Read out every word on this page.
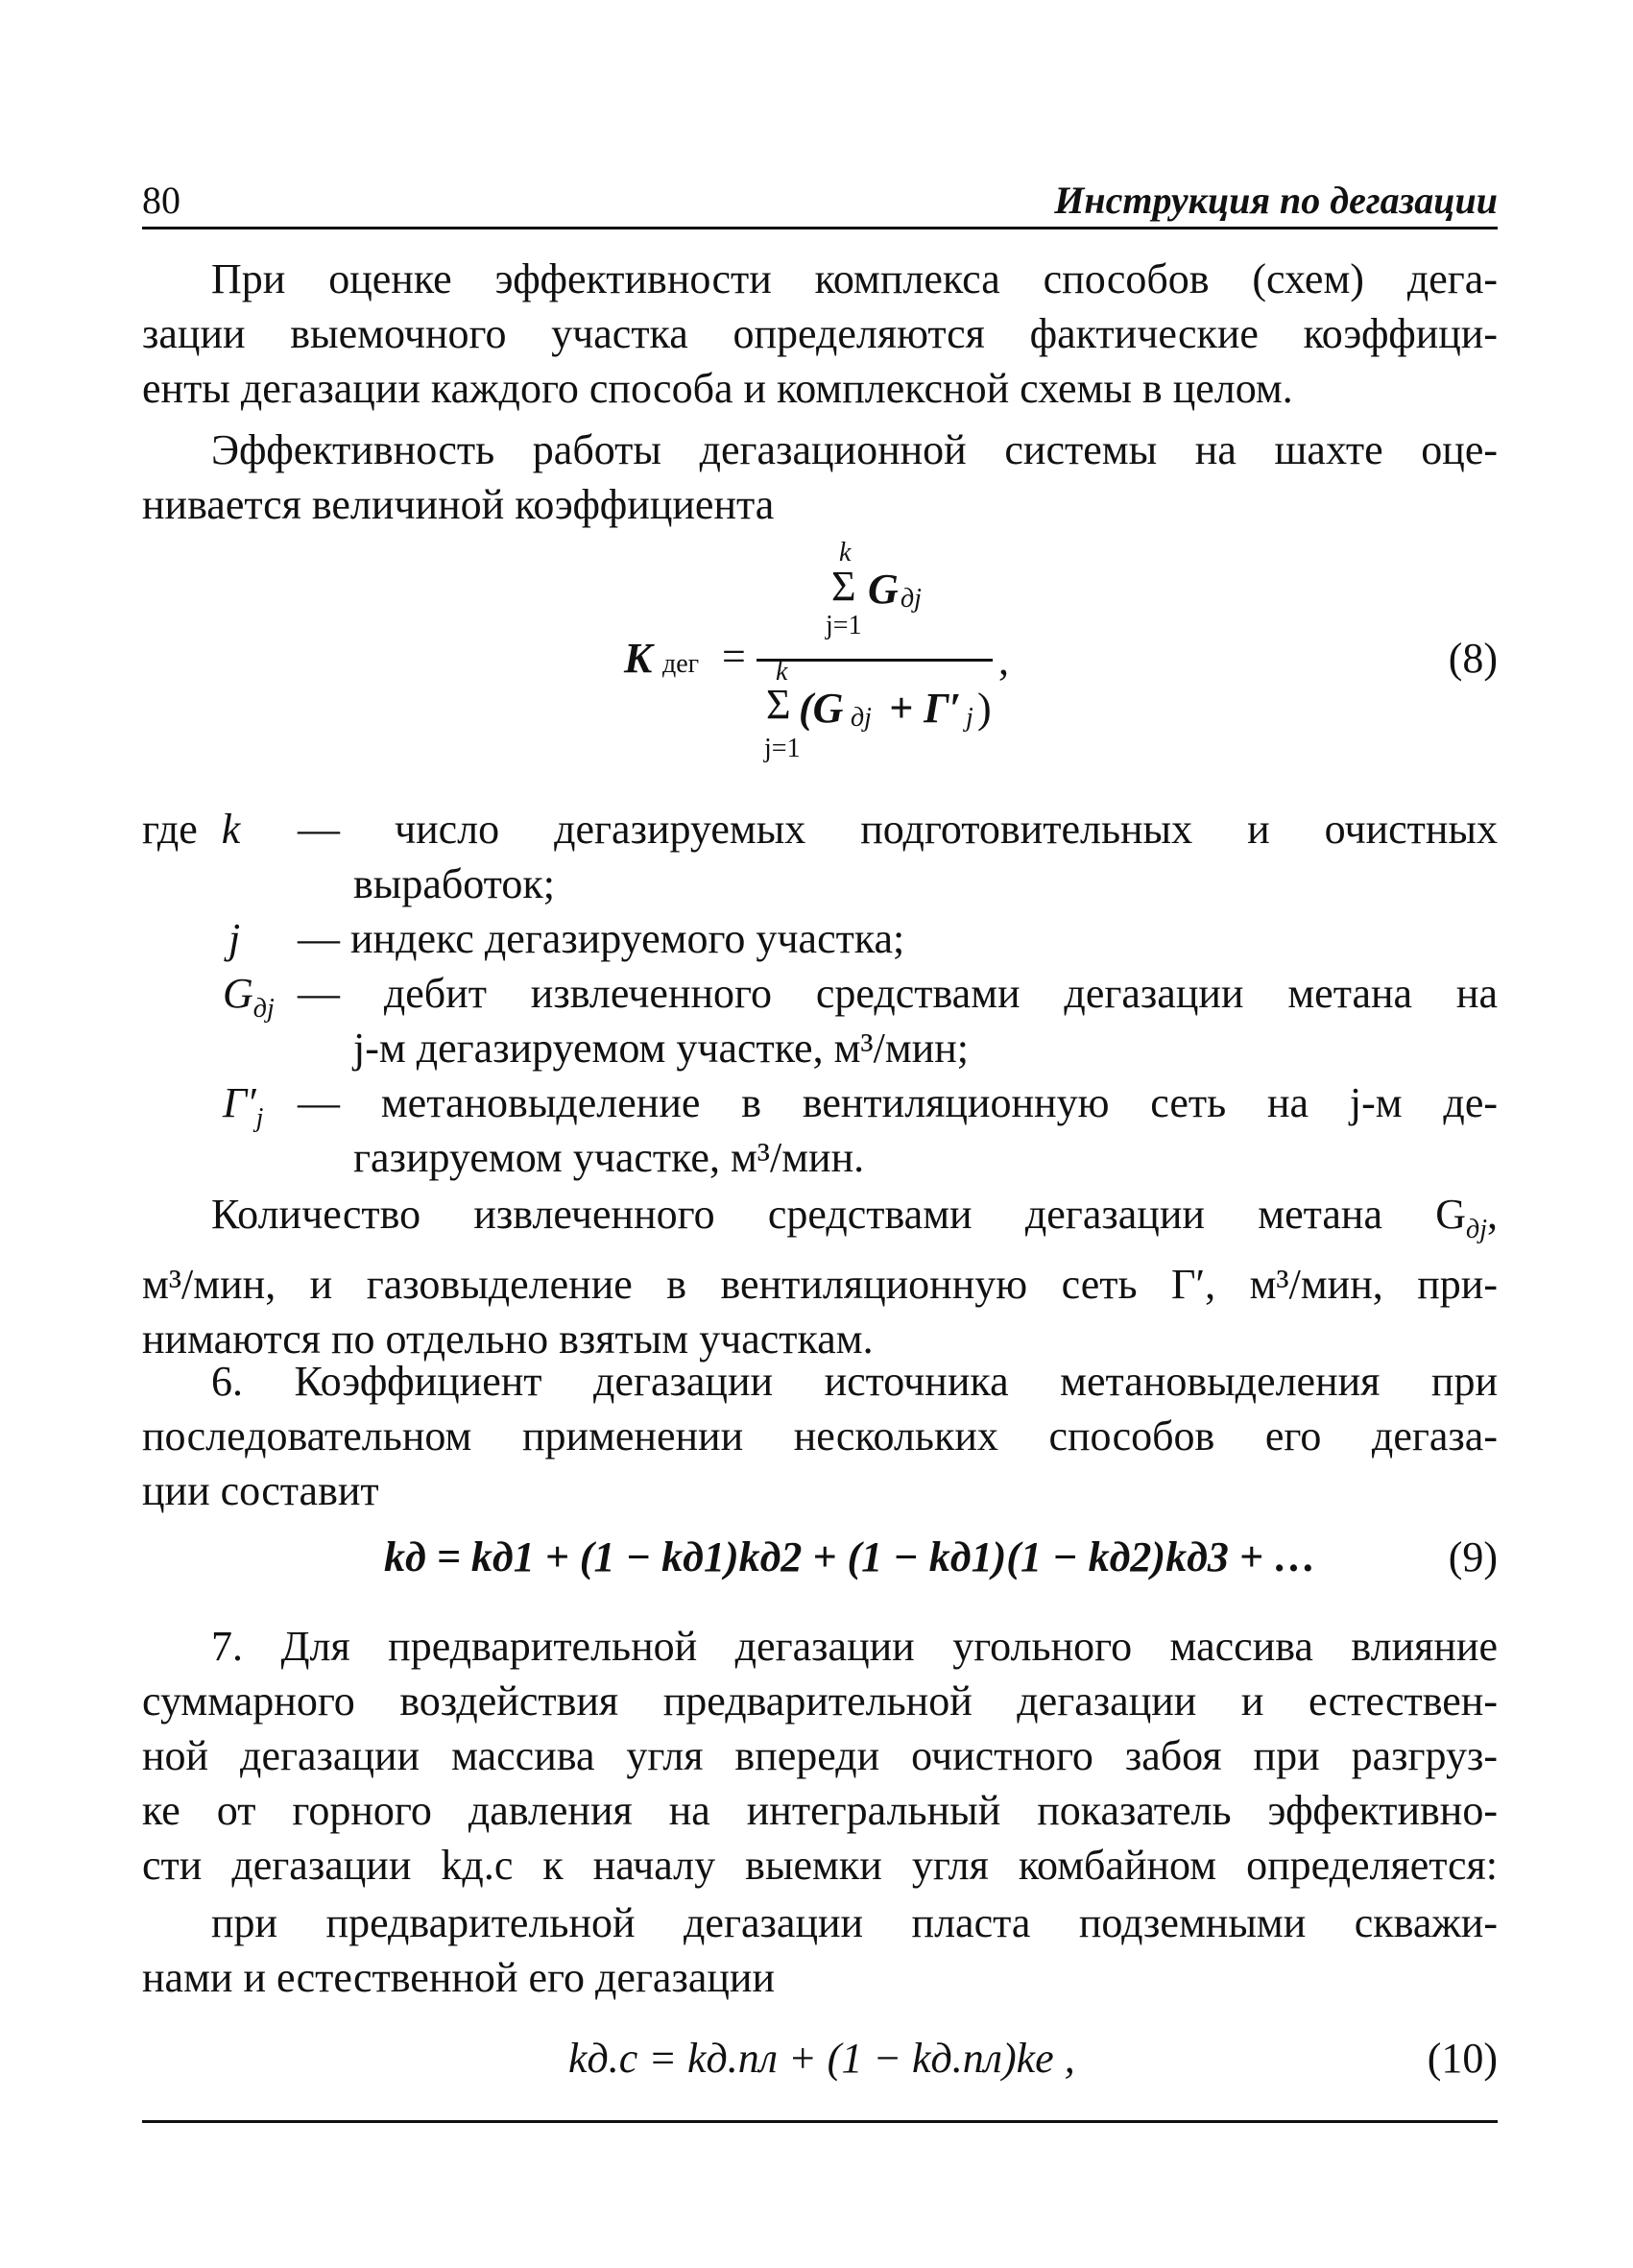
80	Инструкция по дегазации
При оценке эффективности комплекса способов (схем) дега-
зации выемочного участка определяются фактические коэффици-
енты дегазации каждого способа и комплексной схемы в целом.
Эффективность работы дегазационной системы на шахте оце-
нивается величиной коэффициента
K дег =
k
Σ G дj
j=1
k
Σ (G дj + Г′ j )
j=1
,	(8)
где k	— число дегазируемых подготовительных и очистных
выработок;
j	— индекс дегазируемого участка;
$G_{дj}$ — дебит извлеченного средствами дегазации метана на
j-м дегазируемом участке, м³/мин;
$Г'_j$ — метановыделение в вентиляционную сеть на j-м де-
газируемом участке, м³/мин.
Количество извлеченного средствами дегазации метана $G_{дj}$,
м³/мин, и газовыделение в вентиляционную сеть Г′, м³/мин, при-
нимаются по отдельно взятым участкам.
6. Коэффициент дегазации источника метановыделения при
последовательном применении нескольких способов его дегаза-
ции составит
kд = kд1 + (1 − kд1)kд2 + (1 − kд1)(1 − kд2)kд3 + …	(9)
7. Для предварительной дегазации угольного массива влияние
суммарного воздействия предварительной дегазации и естествен-
ной дегазации массива угля впереди очистного забоя при разгруз-
ке от горного давления на интегральный показатель эффективно-
сти дегазации kд.с к началу выемки угля комбайном определяется:
при предварительной дегазации пласта подземными скважи-
нами и естественной его дегазации
kд.с = kд.пл + (1 − kд.пл)kе ,	(10)
